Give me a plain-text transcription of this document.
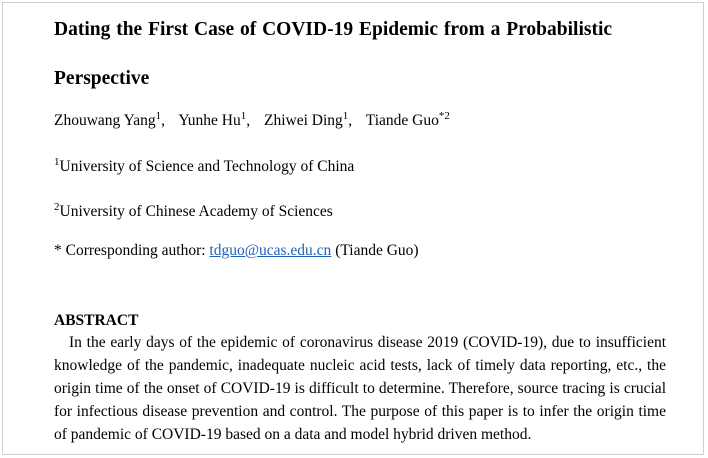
Dating the First Case of COVID-19 Epidemic from a Probabilistic
Perspective
Zhouwang Yang$^1$, Yunhe Hu$^1$, Zhiwei Ding$^1$, Tiande Guo$^{*2}$
$^1$University of Science and Technology of China
$^2$University of Chinese Academy of Sciences
* Corresponding author: tdguo@ucas.edu.cn (Tiande Guo)
ABSTRACT
In the early days of the epidemic of coronavirus disease 2019 (COVID-19), due to insufficient knowledge of the pandemic, inadequate nucleic acid tests, lack of timely data reporting, etc., the origin time of the onset of COVID-19 is difficult to determine. Therefore, source tracing is crucial for infectious disease prevention and control. The purpose of this paper is to infer the origin time of pandemic of COVID-19 based on a data and model hybrid driven method.
